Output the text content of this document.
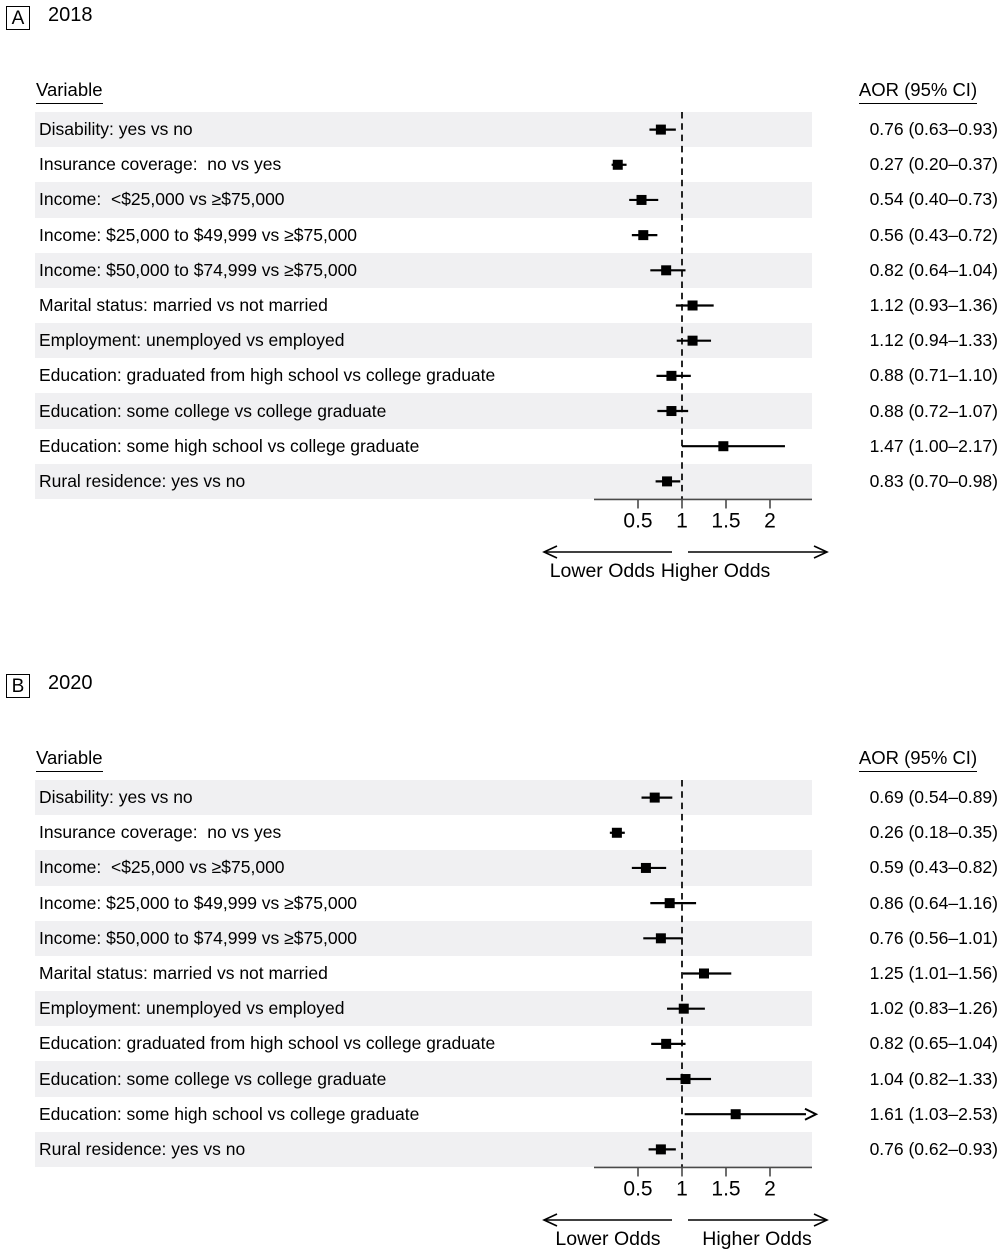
A 2018
Variable	AOR (95% CI)
Disability: yes vs no	0.76 (0.63–0.93)
Insurance coverage:  no vs yes	0.27 (0.20–0.37)
Income:  <$25,000 vs ≥$75,000	0.54 (0.40–0.73)
Income: $25,000 to $49,999 vs ≥$75,000	0.56 (0.43–0.72)
Income: $50,000 to $74,999 vs ≥$75,000	0.82 (0.64–1.04)
Marital status: married vs not married	1.12 (0.93–1.36)
Employment: unemployed vs employed	1.12 (0.94–1.33)
Education: graduated from high school vs college graduate	0.88 (0.71–1.10)
Education: some college vs college graduate	0.88 (0.72–1.07)
Education: some high school vs college graduate	1.47 (1.00–2.17)
Rural residence: yes vs no	0.83 (0.70–0.98)
0.5 1 1.5 2
Lower Odds Higher Odds
B 2020
Variable	AOR (95% CI)
Disability: yes vs no	0.69 (0.54–0.89)
Insurance coverage:  no vs yes	0.26 (0.18–0.35)
Income:  <$25,000 vs ≥$75,000	0.59 (0.43–0.82)
Income: $25,000 to $49,999 vs ≥$75,000	0.86 (0.64–1.16)
Income: $50,000 to $74,999 vs ≥$75,000	0.76 (0.56–1.01)
Marital status: married vs not married	1.25 (1.01–1.56)
Employment: unemployed vs employed	1.02 (0.83–1.26)
Education: graduated from high school vs college graduate	0.82 (0.65–1.04)
Education: some college vs college graduate	1.04 (0.82–1.33)
Education: some high school vs college graduate	1.61 (1.03–2.53)
Rural residence: yes vs no	0.76 (0.62–0.93)
0.5 1 1.5 2
Lower Odds	Higher Odds
